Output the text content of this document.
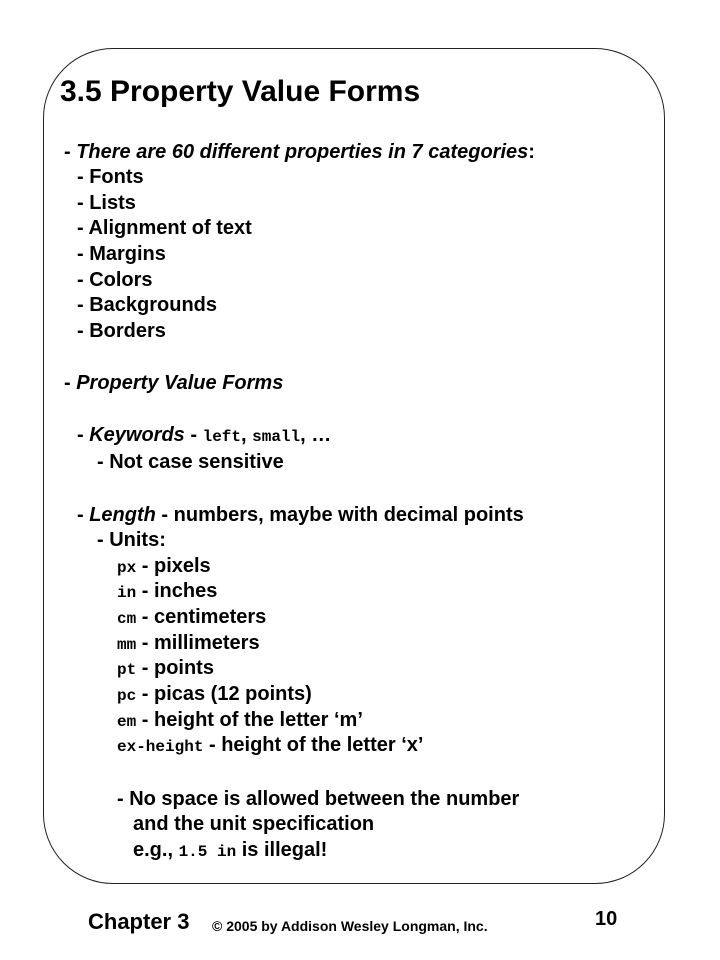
3.5 Property Value Forms
- There are 60 different properties in 7 categories:
- Fonts
- Lists
- Alignment of text
- Margins
- Colors
- Backgrounds
- Borders
- Property Value Forms
- Keywords - left, small, …
- Not case sensitive
- Length - numbers, maybe with decimal points
- Units:
px - pixels
in - inches
cm - centimeters
mm - millimeters
pt - points
pc - picas (12 points)
em - height of the letter ‘m’
ex-height - height of the letter ‘x’
- No space is allowed between the number
and the unit specification
e.g., 1.5 in is illegal!
Chapter 3 © 2005 by Addison Wesley Longman, Inc.	10
